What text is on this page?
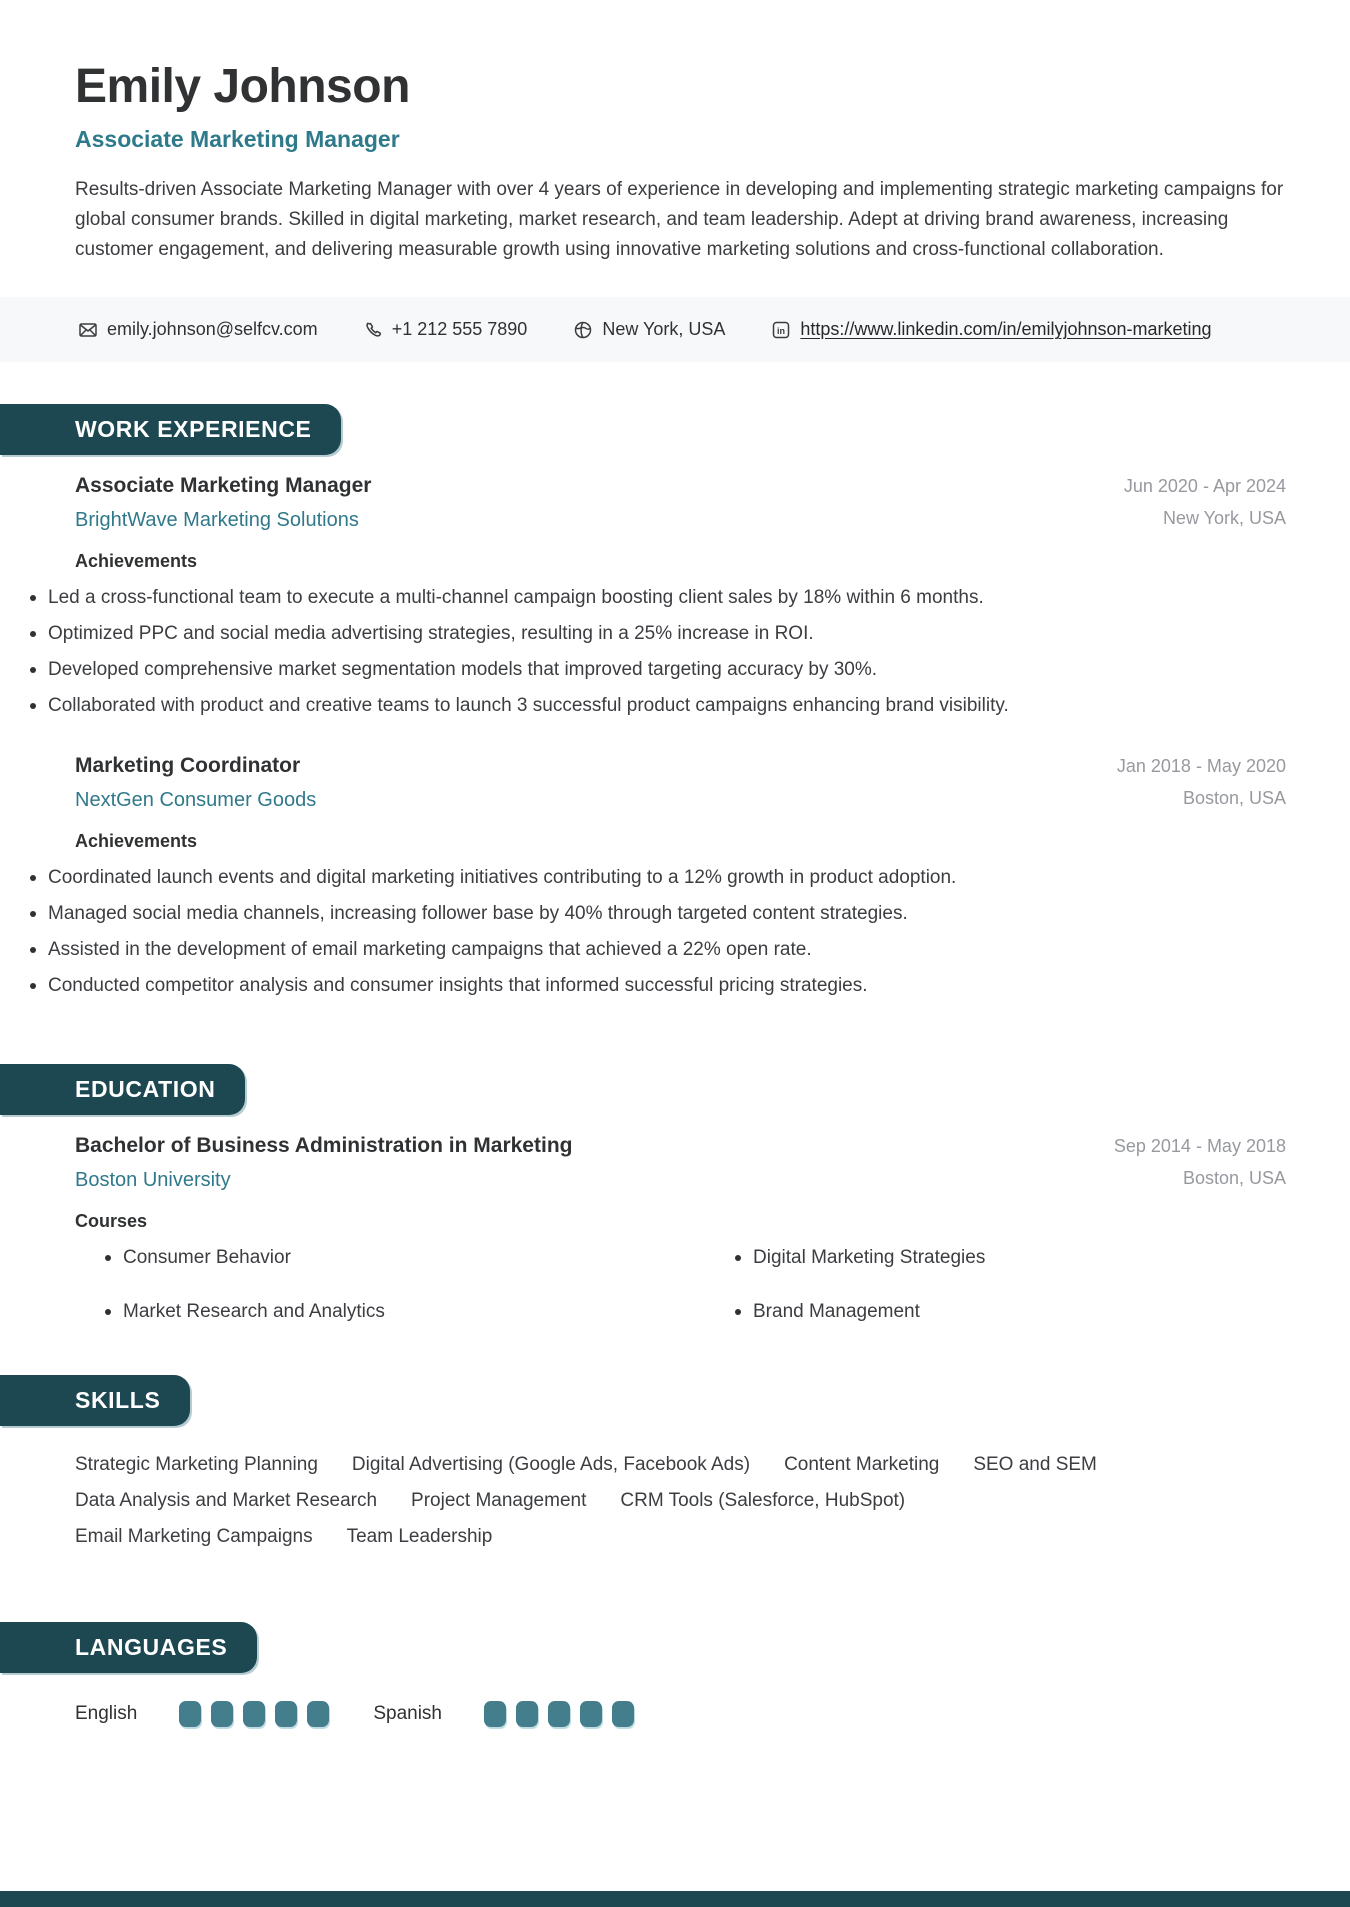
Emily Johnson
Associate Marketing Manager
Results-driven Associate Marketing Manager with over 4 years of experience in developing and implementing strategic marketing campaigns for global consumer brands. Skilled in digital marketing, market research, and team leadership. Adept at driving brand awareness, increasing customer engagement, and delivering measurable growth using innovative marketing solutions and cross-functional collaboration.
emily.johnson@selfcv.com	+1 212 555 7890	New York, USA	in https://www.linkedin.com/in/emilyjohnson-marketing
WORK EXPERIENCE
Associate Marketing Manager
BrightWave Marketing Solutions
Jun 2020 - Apr 2024
New York, USA
Achievements
Led a cross-functional team to execute a multi-channel campaign boosting client sales by 18% within 6 months.
Optimized PPC and social media advertising strategies, resulting in a 25% increase in ROI.
Developed comprehensive market segmentation models that improved targeting accuracy by 30%.
Collaborated with product and creative teams to launch 3 successful product campaigns enhancing brand visibility.
Marketing Coordinator
NextGen Consumer Goods
Jan 2018 - May 2020
Boston, USA
Achievements
Coordinated launch events and digital marketing initiatives contributing to a 12% growth in product adoption.
Managed social media channels, increasing follower base by 40% through targeted content strategies.
Assisted in the development of email marketing campaigns that achieved a 22% open rate.
Conducted competitor analysis and consumer insights that informed successful pricing strategies.
EDUCATION
Bachelor of Business Administration in Marketing
Boston University
Sep 2014 - May 2018
Boston, USA
Courses
Consumer Behavior	Digital Marketing Strategies
Market Research and Analytics	Brand Management
SKILLS
Strategic Marketing Planning Digital Advertising (Google Ads, Facebook Ads) Content Marketing SEO and SEM
Data Analysis and Market Research Project Management CRM Tools (Salesforce, HubSpot)
Email Marketing Campaigns Team Leadership
LANGUAGES
English	Spanish
